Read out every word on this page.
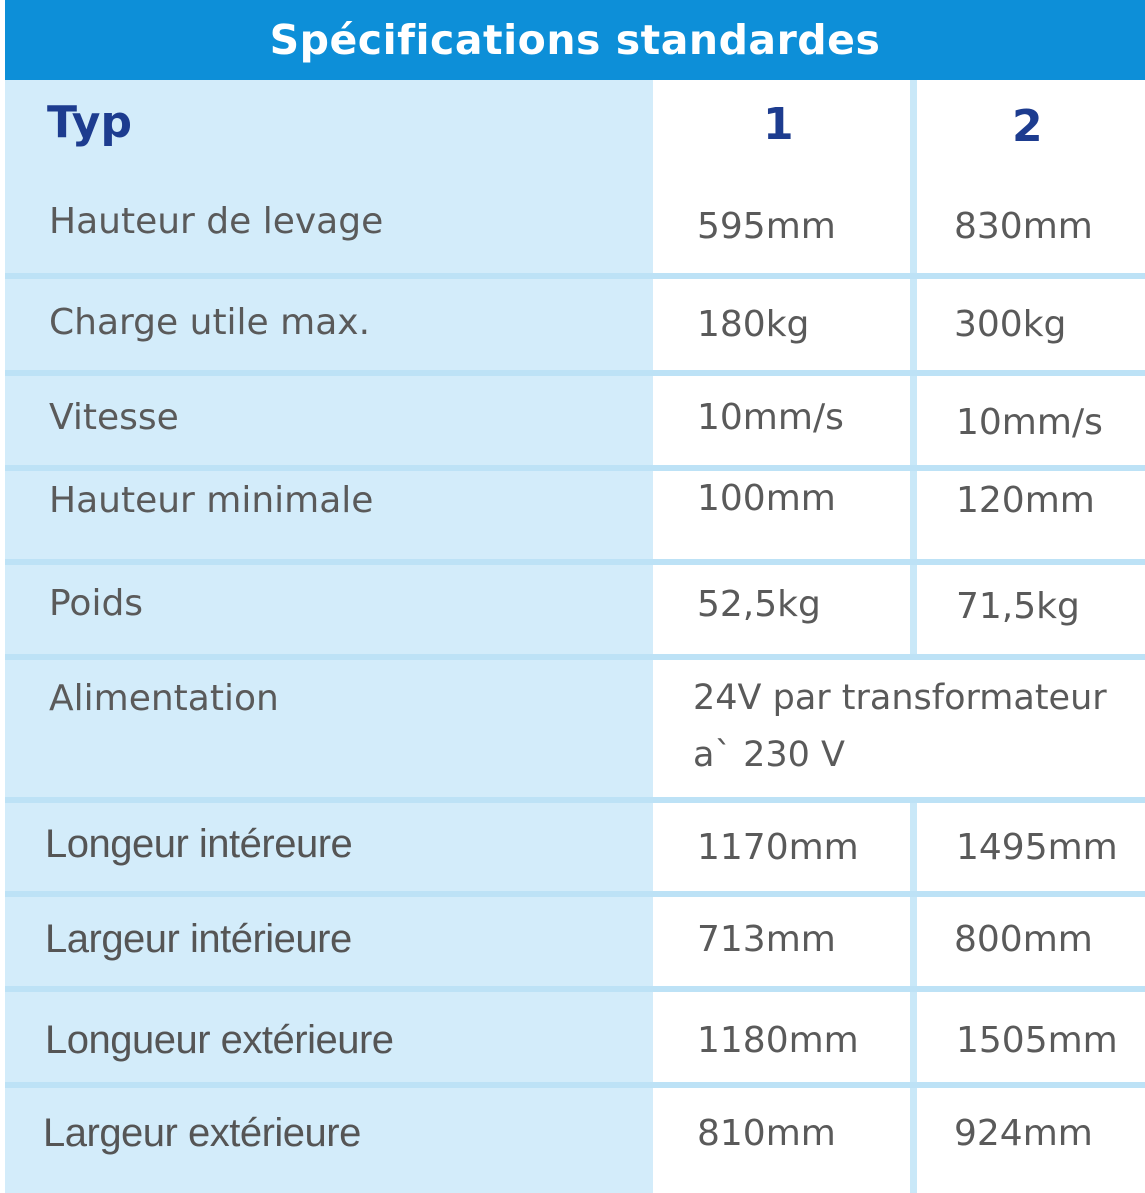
Spécifications standardes
Typ	1	2
Hauteur de levage	595mm	830mm
Charge utile max.	180kg	300kg
Vitesse	10mm/s	10mm/s
Hauteur minimale	100mm	120mm
Poids	52,5kg	71,5kg
Alimentation	24V par transformateur
a` 230 V
Longeur intéreure	1170mm	1495mm
Largeur intérieure	713mm	800mm
Longueur extérieure	1180mm	1505mm
Largeur extérieure	810mm	924mm
